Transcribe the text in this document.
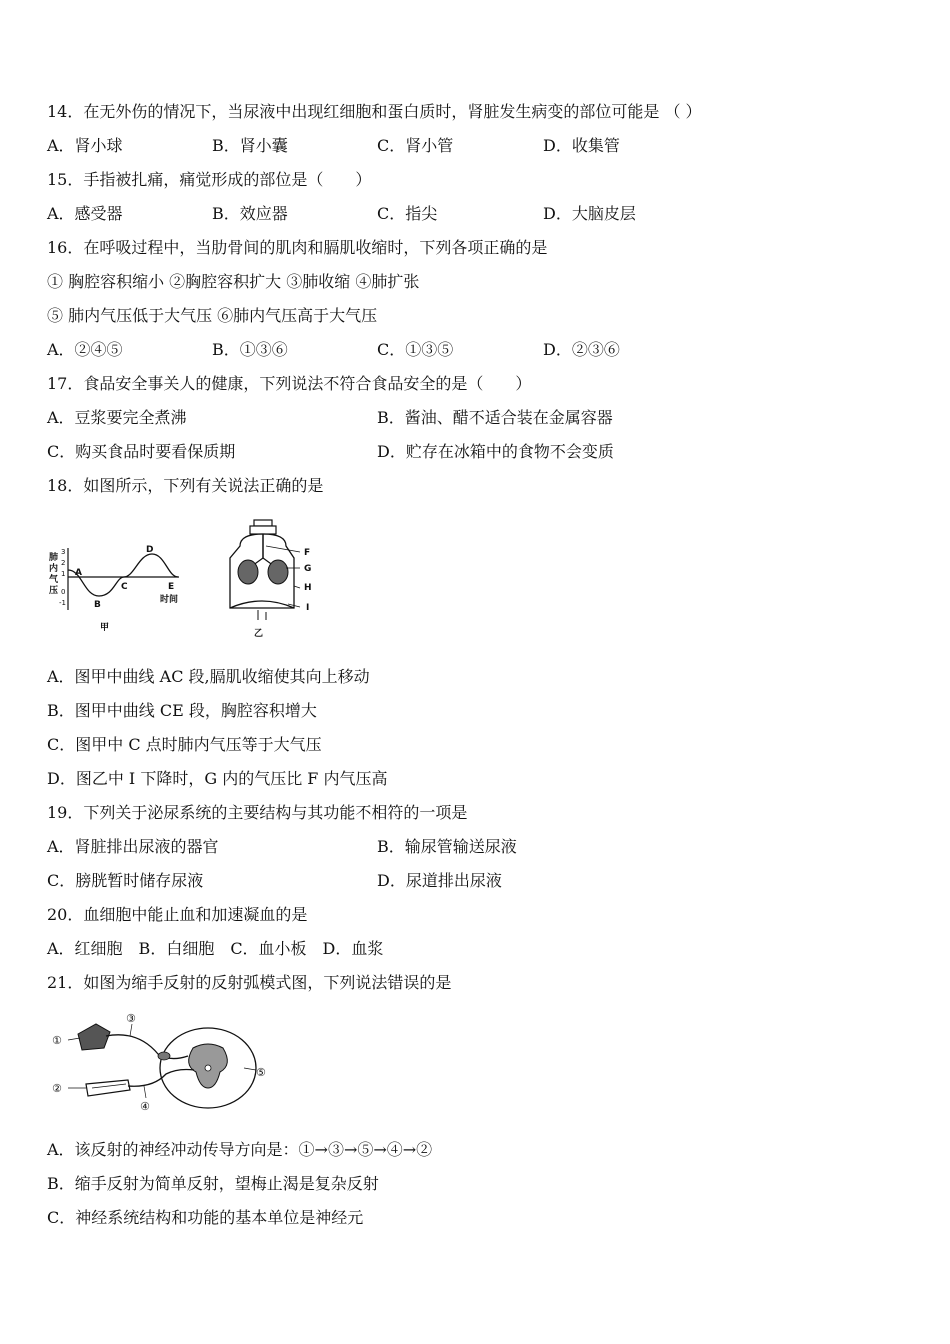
14．在无外伤的情况下，当尿液中出现红细胞和蛋白质时，肾脏发生病变的部位可能是 （ ）
A．肾小球	B．肾小囊	C．肾小管	D．收集管
15．手指被扎痛，痛觉形成的部位是（　　）
A．感受器	B．效应器	C．指尖	D．大脑皮层
16．在呼吸过程中，当肋骨间的肌肉和膈肌收缩时，下列各项正确的是
① 胸腔容积缩小 ②胸腔容积扩大 ③肺收缩 ④肺扩张
⑤ 肺内气压低于大气压 ⑥肺内气压高于大气压
A．②④⑤	B．①③⑥	C．①③⑤	D．②③⑥
17．食品安全事关人的健康，下列说法不符合食品安全的是（　　）
A．豆浆要完全煮沸	B．酱油、醋不适合装在金属容器
C．购买食品时要看保质期	D．贮存在冰箱中的食物不会变质
18．如图所示，下列有关说法正确的是
肺
内
气
压
3
2
1
0
-1
A
B
C
D
E
时间
甲
F
G
H
I
乙
A．图甲中曲线 AC 段,膈肌收缩使其向上移动
B．图甲中曲线 CE 段，胸腔容积增大
C．图甲中 C 点时肺内气压等于大气压
D．图乙中 I 下降时，G 内的气压比 F 内气压高
19．下列关于泌尿系统的主要结构与其功能不相符的一项是
A．肾脏排出尿液的器官	B．输尿管输送尿液
C．膀胱暂时储存尿液	D．尿道排出尿液
20．血细胞中能止血和加速凝血的是
A．红细胞　B．白细胞　C．血小板　D．血浆
21．如图为缩手反射的反射弧模式图，下列说法错误的是
①
②
③
④
⑤
A．该反射的神经冲动传导方向是：①→③→⑤→④→②
B．缩手反射为简单反射，望梅止渴是复杂反射
C．神经系统结构和功能的基本单位是神经元
